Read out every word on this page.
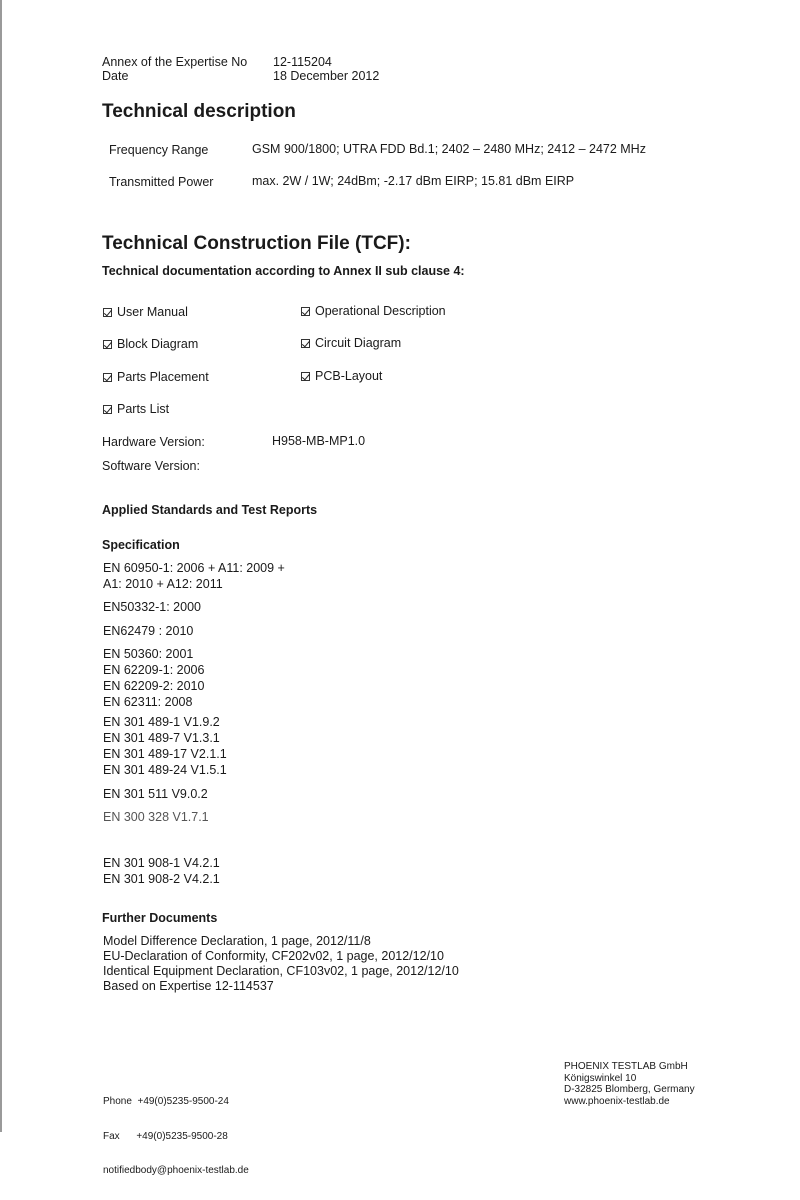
Annex of the Expertise No 12-115204
Date	18 December 2012
Technical description
Frequency Range	GSM 900/1800; UTRA FDD Bd.1; 2402 – 2480 MHz; 2412 – 2472 MHz
Transmitted Power	max. 2W / 1W; 24dBm; -2.17 dBm EIRP; 15.81 dBm EIRP
Technical Construction File (TCF):
Technical documentation according to Annex II sub clause 4:
User Manual	Operational Description
Block Diagram	Circuit Diagram
Parts Placement	PCB-Layout
Parts List
Hardware Version:	H958-MB-MP1.0
Software Version:
Applied Standards and Test Reports
Specification
EN 60950-1: 2006 + A11: 2009 +
A1: 2010 + A12: 2011
EN50332-1: 2000
EN62479 : 2010
EN 50360: 2001
EN 62209-1: 2006
EN 62209-2: 2010
EN 62311: 2008
EN 301 489-1 V1.9.2
EN 301 489-7 V1.3.1
EN 301 489-17 V2.1.1
EN 301 489-24 V1.5.1
EN 301 511 V9.0.2
EN 300 328 V1.7.1
EN 301 908-1 V4.2.1
EN 301 908-2 V4.2.1
Further Documents
Model Difference Declaration, 1 page, 2012/11/8
EU-Declaration of Conformity, CF202v02, 1 page, 2012/12/10
Identical Equipment Declaration, CF103v02, 1 page, 2012/12/10
Based on Expertise 12-114537

Phone  +49(0)5235-9500-24

Fax      +49(0)5235-9500-28

notifiedbody@phoenix-testlab.de

PHOENIX TESTLAB GmbH
Königswinkel 10
D-32825 Blomberg, Germany
www.phoenix-testlab.de
